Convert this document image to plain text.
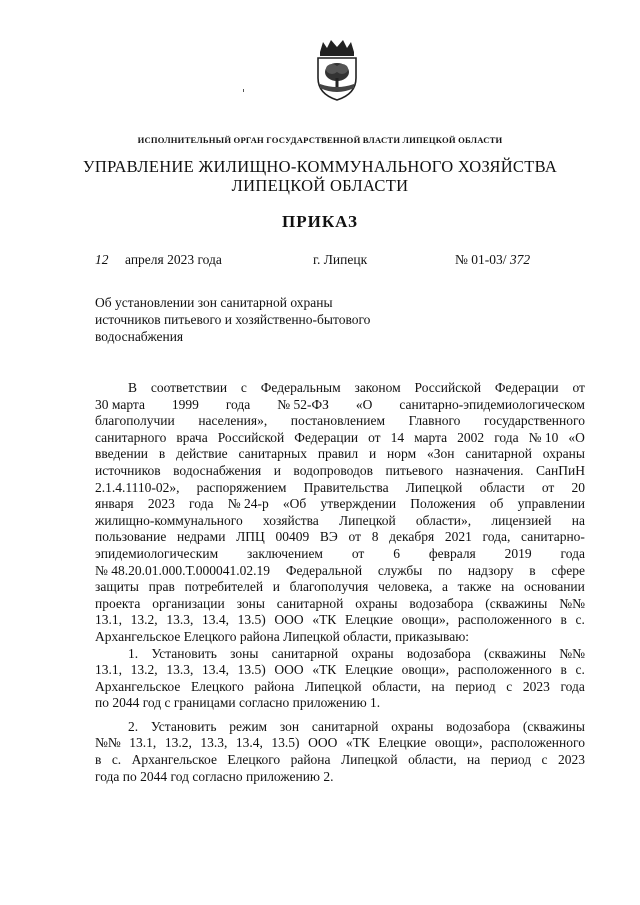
ИСПОЛНИТЕЛЬНЫЙ ОРГАН ГОСУДАРСТВЕННОЙ ВЛАСТИ ЛИПЕЦКОЙ ОБЛАСТИ
УПРАВЛЕНИЕ ЖИЛИЩНО-КОММУНАЛЬНОГО ХОЗЯЙСТВА
ЛИПЕЦКОЙ ОБЛАСТИ
ПРИКАЗ
12 апреля 2023 года	г. Липецк	№ 01-03/ 372
Об установлении зон санитарной охраны
источников питьевого и хозяйственно-бытового
водоснабжения
В соответствии с Федеральным законом Российской Федерации от
30 марта 1999 года № 52-ФЗ «О санитарно-эпидемиологическом
благополучии населения», постановлением Главного государственного
санитарного врача Российской Федерации от 14 марта 2002 года № 10 «О
введении в действие санитарных правил и норм «Зон санитарной охраны
источников водоснабжения и водопроводов питьевого назначения. СанПиН
2.1.4.1110-02», распоряжением Правительства Липецкой области от 20
января 2023 года № 24-р «Об утверждении Положения об управлении
жилищно-коммунального хозяйства Липецкой области», лицензией на
пользование недрами ЛПЦ 00409 ВЭ от 8 декабря 2021 года, санитарно-
эпидемиологическим заключением от 6 февраля 2019 года
№ 48.20.01.000.Т.000041.02.19 Федеральной службы по надзору в сфере
защиты прав потребителей и благополучия человека, а также на основании
проекта организации зоны санитарной охраны водозабора (скважины №№
13.1, 13.2, 13.3, 13.4, 13.5) ООО «ТК Елецкие овощи», расположенного в с.
Архангельское Елецкого района Липецкой области, приказываю:
1. Установить зоны санитарной охраны водозабора (скважины №№
13.1, 13.2, 13.3, 13.4, 13.5) ООО «ТК Елецкие овощи», расположенного в с.
Архангельское Елецкого района Липецкой области, на период с 2023 года
по 2044 год с границами согласно приложению 1.
2. Установить режим зон санитарной охраны водозабора (скважины
№№ 13.1, 13.2, 13.3, 13.4, 13.5) ООО «ТК Елецкие овощи», расположенного
в с. Архангельское Елецкого района Липецкой области, на период с 2023
года по 2044 год согласно приложению 2.
